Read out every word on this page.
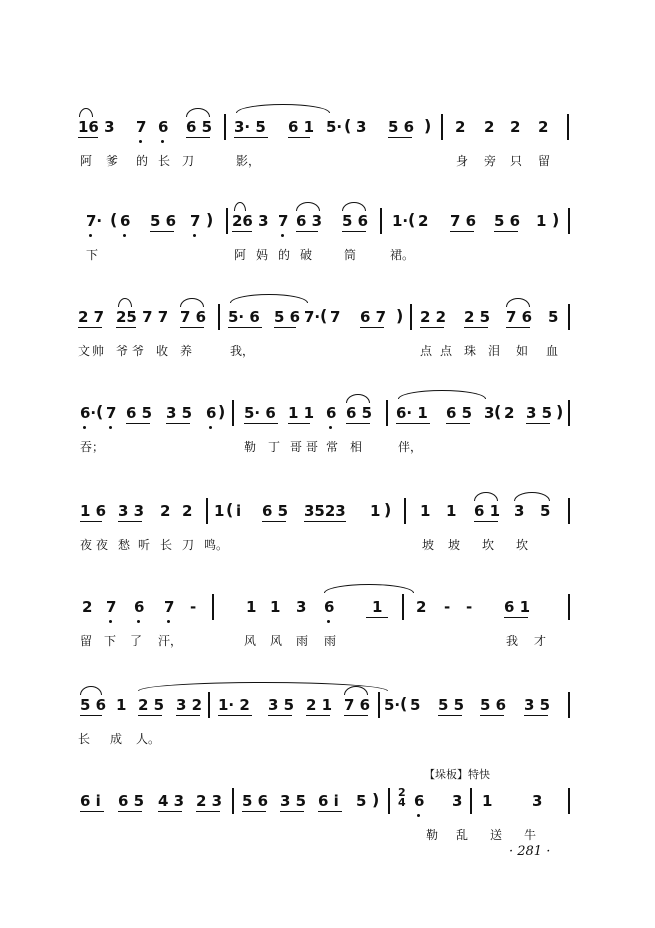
16 3 7 6 6 5 3· 5 6 1 5· ( 3 5 6 ) 2 2 2 2
阿 爹 的 长 刀	影，	身 旁 只 留
7· ( 6 5 6 7 ) 26 3 7 6 3 5 6 1· ( 2 7 6 5 6 1 )
下	阿 妈 的 破	筒	裙。
2 7 25 7 7 7 6 5· 6 5 6 7· ( 7 6 7 ) 2 2 2 5 7 6 5
文 帅 爷 爷 收 养	我，	点 点 珠 泪 如 血
6· ( 7 6 5 3 5 6 ) 5· 6 1 1 6 6 5 6· 1 6 5 3 ( 2 3 5 )
吞；	勒 丁 哥 哥 常 相	伴，
1 6 3 3 2 2 1 ( i 6 5 3523 1 ) 1 1 6 1 3 5
夜 夜 愁 听 长 刀 鸣。	坡 坡 坎 坎
2 7 6 7 -	1 1 3 6	1 2 - - 6 1
留 下 了 汗，	风 风 雨 雨	我 才
5 6 1 2 5 3 2 1· 2 3 5 2 1 7 6 5· ( 5 5 5 5 6 3 5
长 成 人。
【垛板】特快
6 i 6 5 4 3 2 3 5 6 3 5 6 i 5 ) 2
4 6 3 1	3
勒 乱 送 牛
· 281 ·
